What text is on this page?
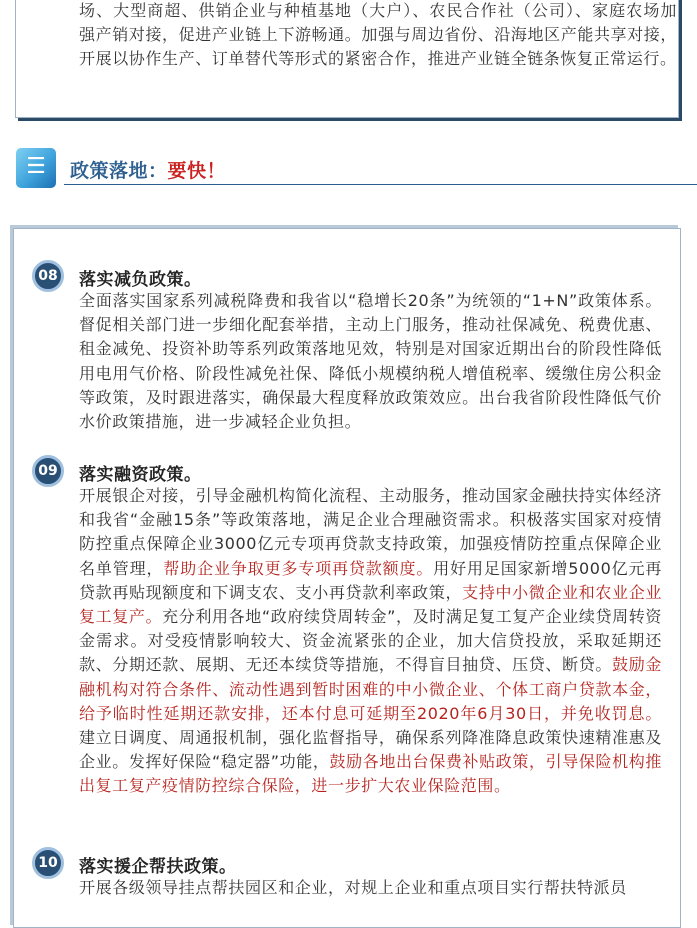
场、大型商超、供销企业与种植基地（大户）、农民合作社（公司）、家庭农场加强产销对接，促进产业链上下游畅通。加强与周边省份、沿海地区产能共享对接，开展以协作生产、订单替代等形式的紧密合作，推进产业链全链条恢复正常运行。

☰	政策落地：要快！
08	落实减负政策。

全面落实国家系列减税降费和我省以“稳增长20条”为统领的“1+N”政策体系。督促相关部门进一步细化配套举措，主动上门服务，推动社保减免、税费优惠、租金减免、投资补助等系列政策落地见效，特别是对国家近期出台的阶段性降低用电用气价格、阶段性减免社保、降低小规模纳税人增值税率、缓缴住房公积金等政策，及时跟进落实，确保最大程度释放政策效应。出台我省阶段性降低气价水价政策措施，进一步减轻企业负担。

09	落实融资政策。

开展银企对接，引导金融机构简化流程、主动服务，推动国家金融扶持实体经济和我省“金融15条”等政策落地，满足企业合理融资需求。积极落实国家对疫情防控重点保障企业3000亿元专项再贷款支持政策，加强疫情防控重点保障企业名单管理，帮助企业争取更多专项再贷款额度。用好用足国家新增5000亿元再贷款再贴现额度和下调支农、支小再贷款利率政策，支持中小微企业和农业企业复工复产。充分利用各地“政府续贷周转金”，及时满足复工复产企业续贷周转资金需求。对受疫情影响较大、资金流紧张的企业，加大信贷投放，采取延期还款、分期还款、展期、无还本续贷等措施，不得盲目抽贷、压贷、断贷。鼓励金融机构对符合条件、流动性遇到暂时困难的中小微企业、个体工商户贷款本金，给予临时性延期还款安排，还本付息可延期至2020年6月30日，并免收罚息。建立日调度、周通报机制，强化监督指导，确保系列降准降息政策快速精准惠及企业。发挥好保险“稳定器”功能，鼓励各地出台保费补贴政策，引导保险机构推出复工复产疫情防控综合保险，进一步扩大农业保险范围。

10	落实援企帮扶政策。

开展各级领导挂点帮扶园区和企业，对规上企业和重点项目实行帮扶特派员
